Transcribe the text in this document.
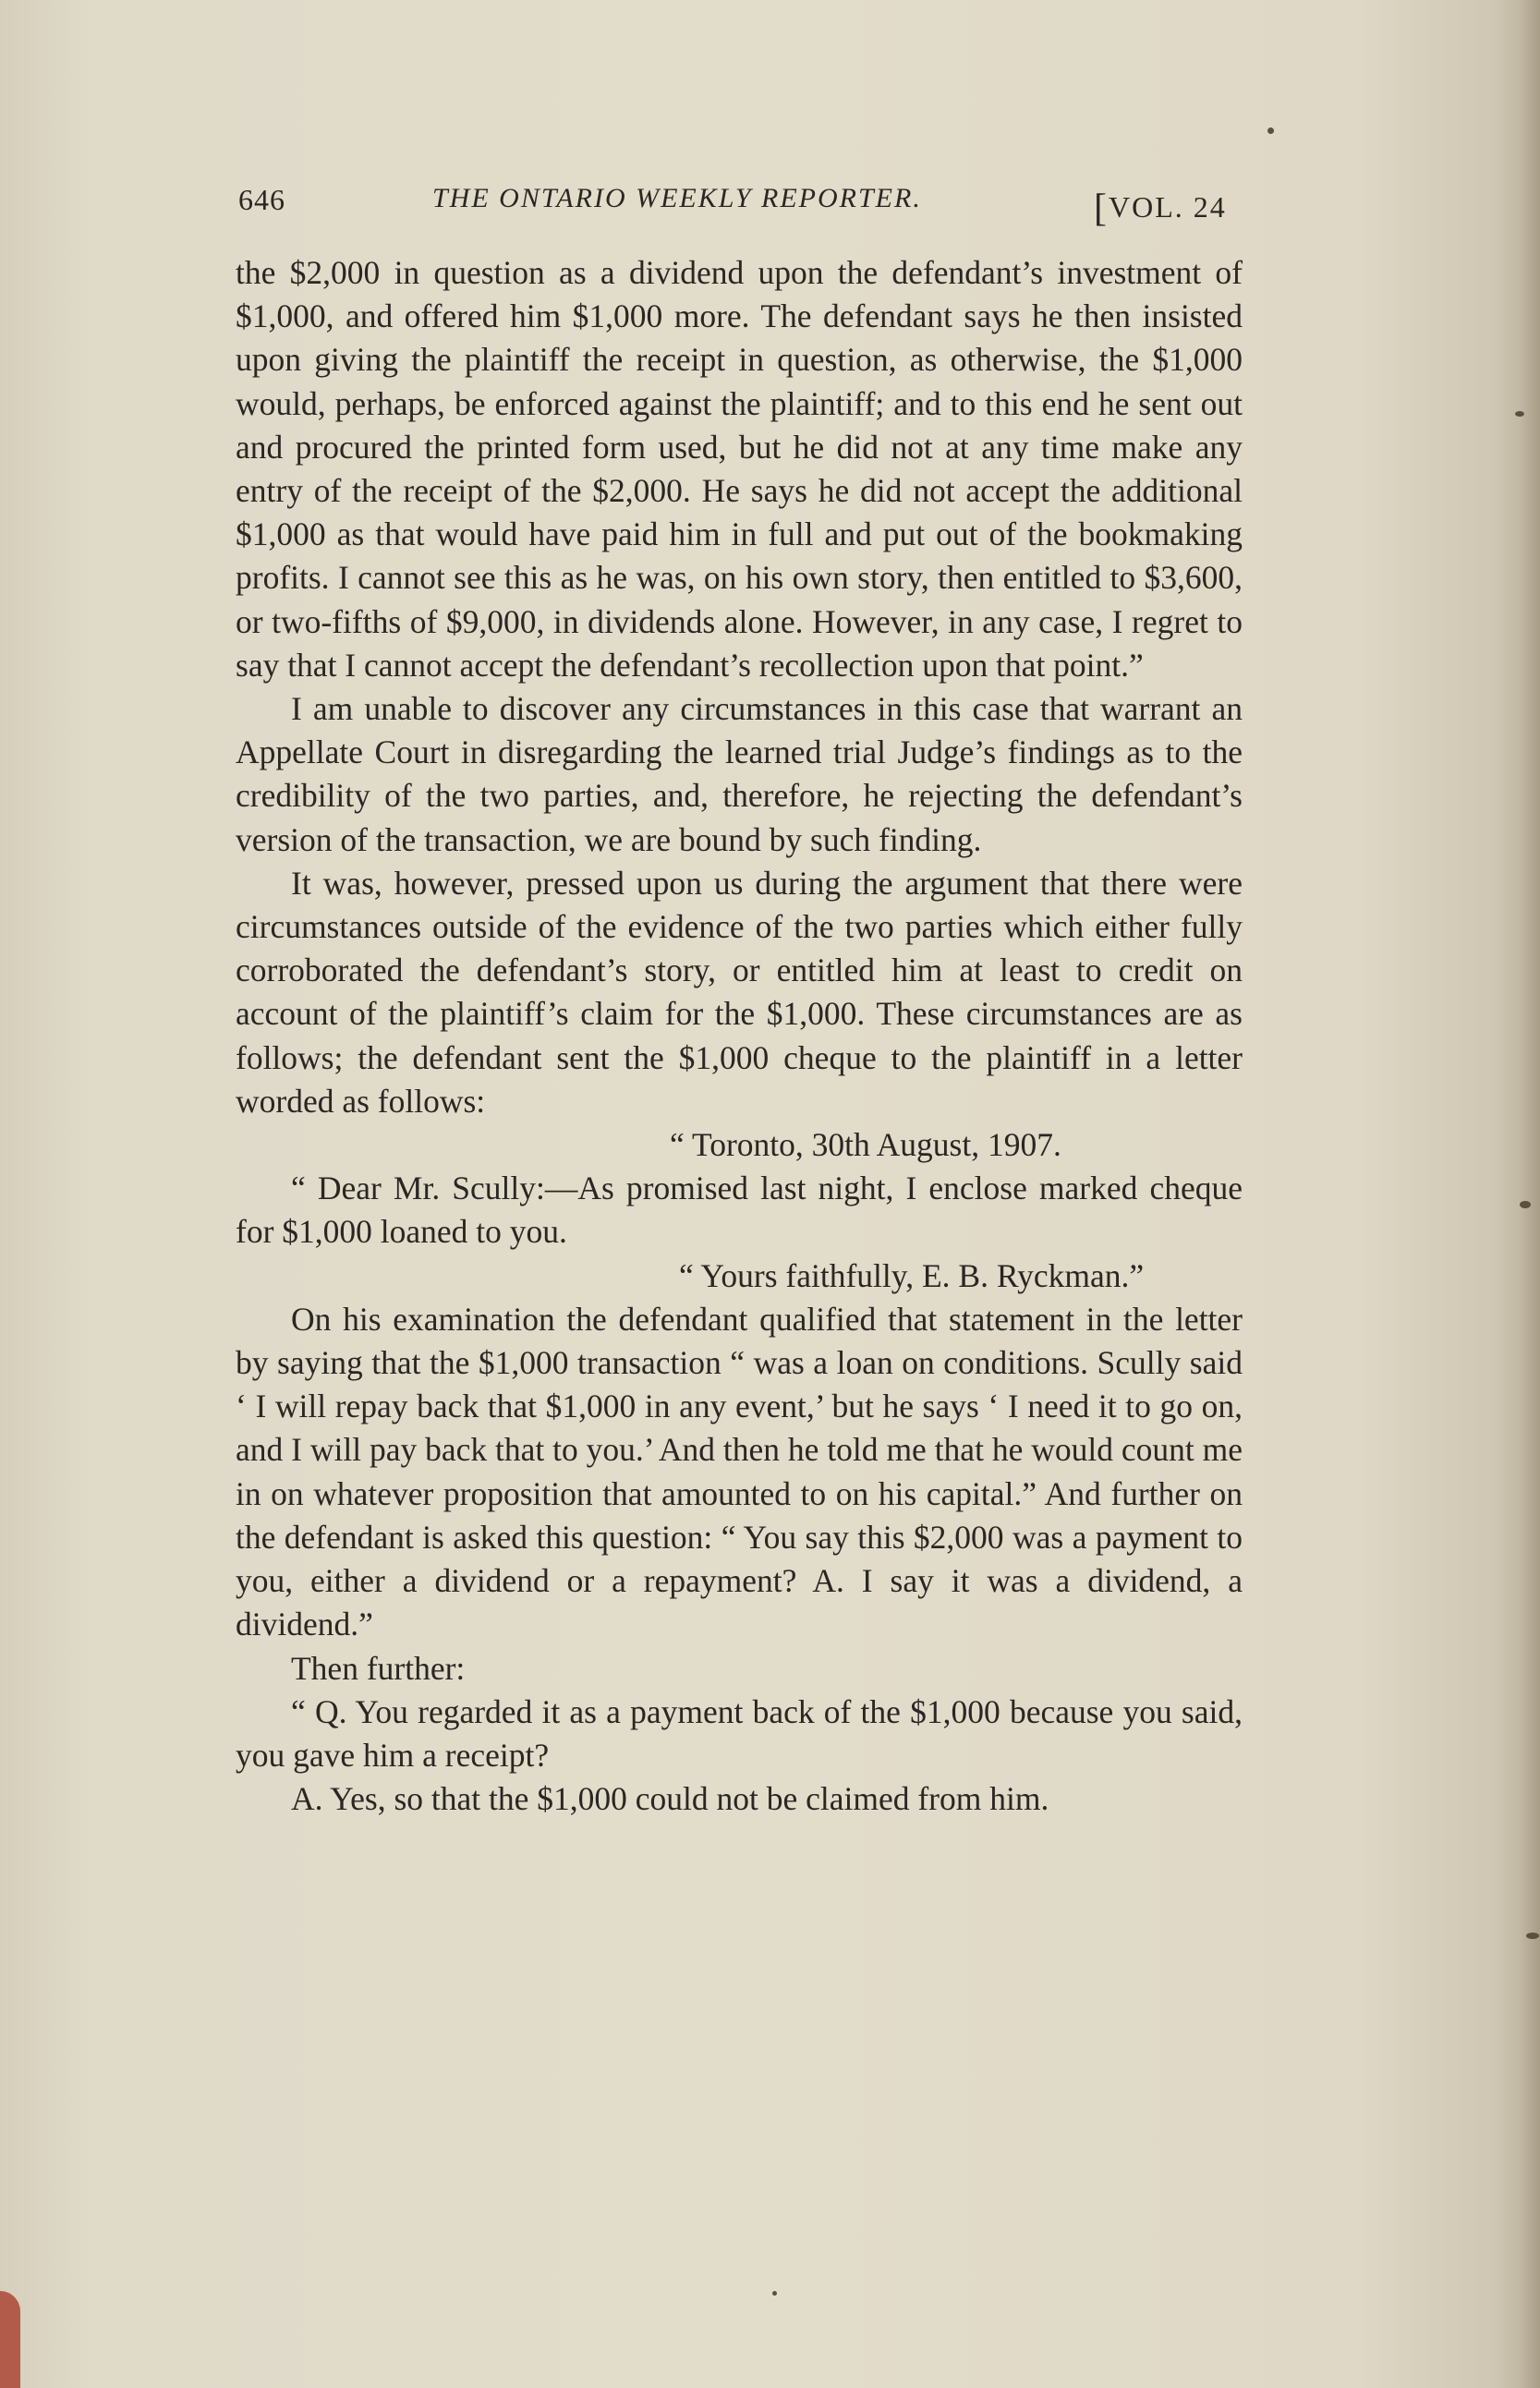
646	THE ONTARIO WEEKLY REPORTER.	[VOL. 24

the $2,000 in question as a dividend upon the defendant’s investment of $1,000, and offered him $1,000 more. The defendant says he then insisted upon giving the plaintiff the receipt in question, as otherwise, the $1,000 would, perhaps, be enforced against the plaintiff; and to this end he sent out and procured the printed form used, but he did not at any time make any entry of the receipt of the $2,000. He says he did not accept the additional $1,000 as that would have paid him in full and put out of the bookmaking profits. I cannot see this as he was, on his own story, then entitled to $3,600, or two-fifths of $9,000, in dividends alone. However, in any case, I regret to say that I cannot accept the defendant’s recollection upon that point.”

I am unable to discover any circumstances in this case that warrant an Appellate Court in disregarding the learned trial Judge’s findings as to the credibility of the two parties, and, therefore, he rejecting the defendant’s version of the transaction, we are bound by such finding.

It was, however, pressed upon us during the argument that there were circumstances outside of the evidence of the two parties which either fully corroborated the defendant’s story, or entitled him at least to credit on account of the plaintiff’s claim for the $1,000. These circumstances are as follows; the defendant sent the $1,000 cheque to the plaintiff in a letter worded as follows:

“ Toronto, 30th August, 1907.

“ Dear Mr. Scully:—As promised last night, I enclose marked cheque for $1,000 loaned to you.

“ Yours faithfully, E. B. Ryckman.”

On his examination the defendant qualified that statement in the letter by saying that the $1,000 transaction “ was a loan on conditions. Scully said ‘ I will repay back that $1,000 in any event,’ but he says ‘ I need it to go on, and I will pay back that to you.’ And then he told me that he would count me in on whatever proposition that amounted to on his capital.” And further on the defendant is asked this question: “ You say this $2,000 was a payment to you, either a dividend or a repayment? A. I say it was a dividend, a dividend.”

Then further:

“ Q. You regarded it as a payment back of the $1,000 because you said, you gave him a receipt?

A. Yes, so that the $1,000 could not be claimed from him.
